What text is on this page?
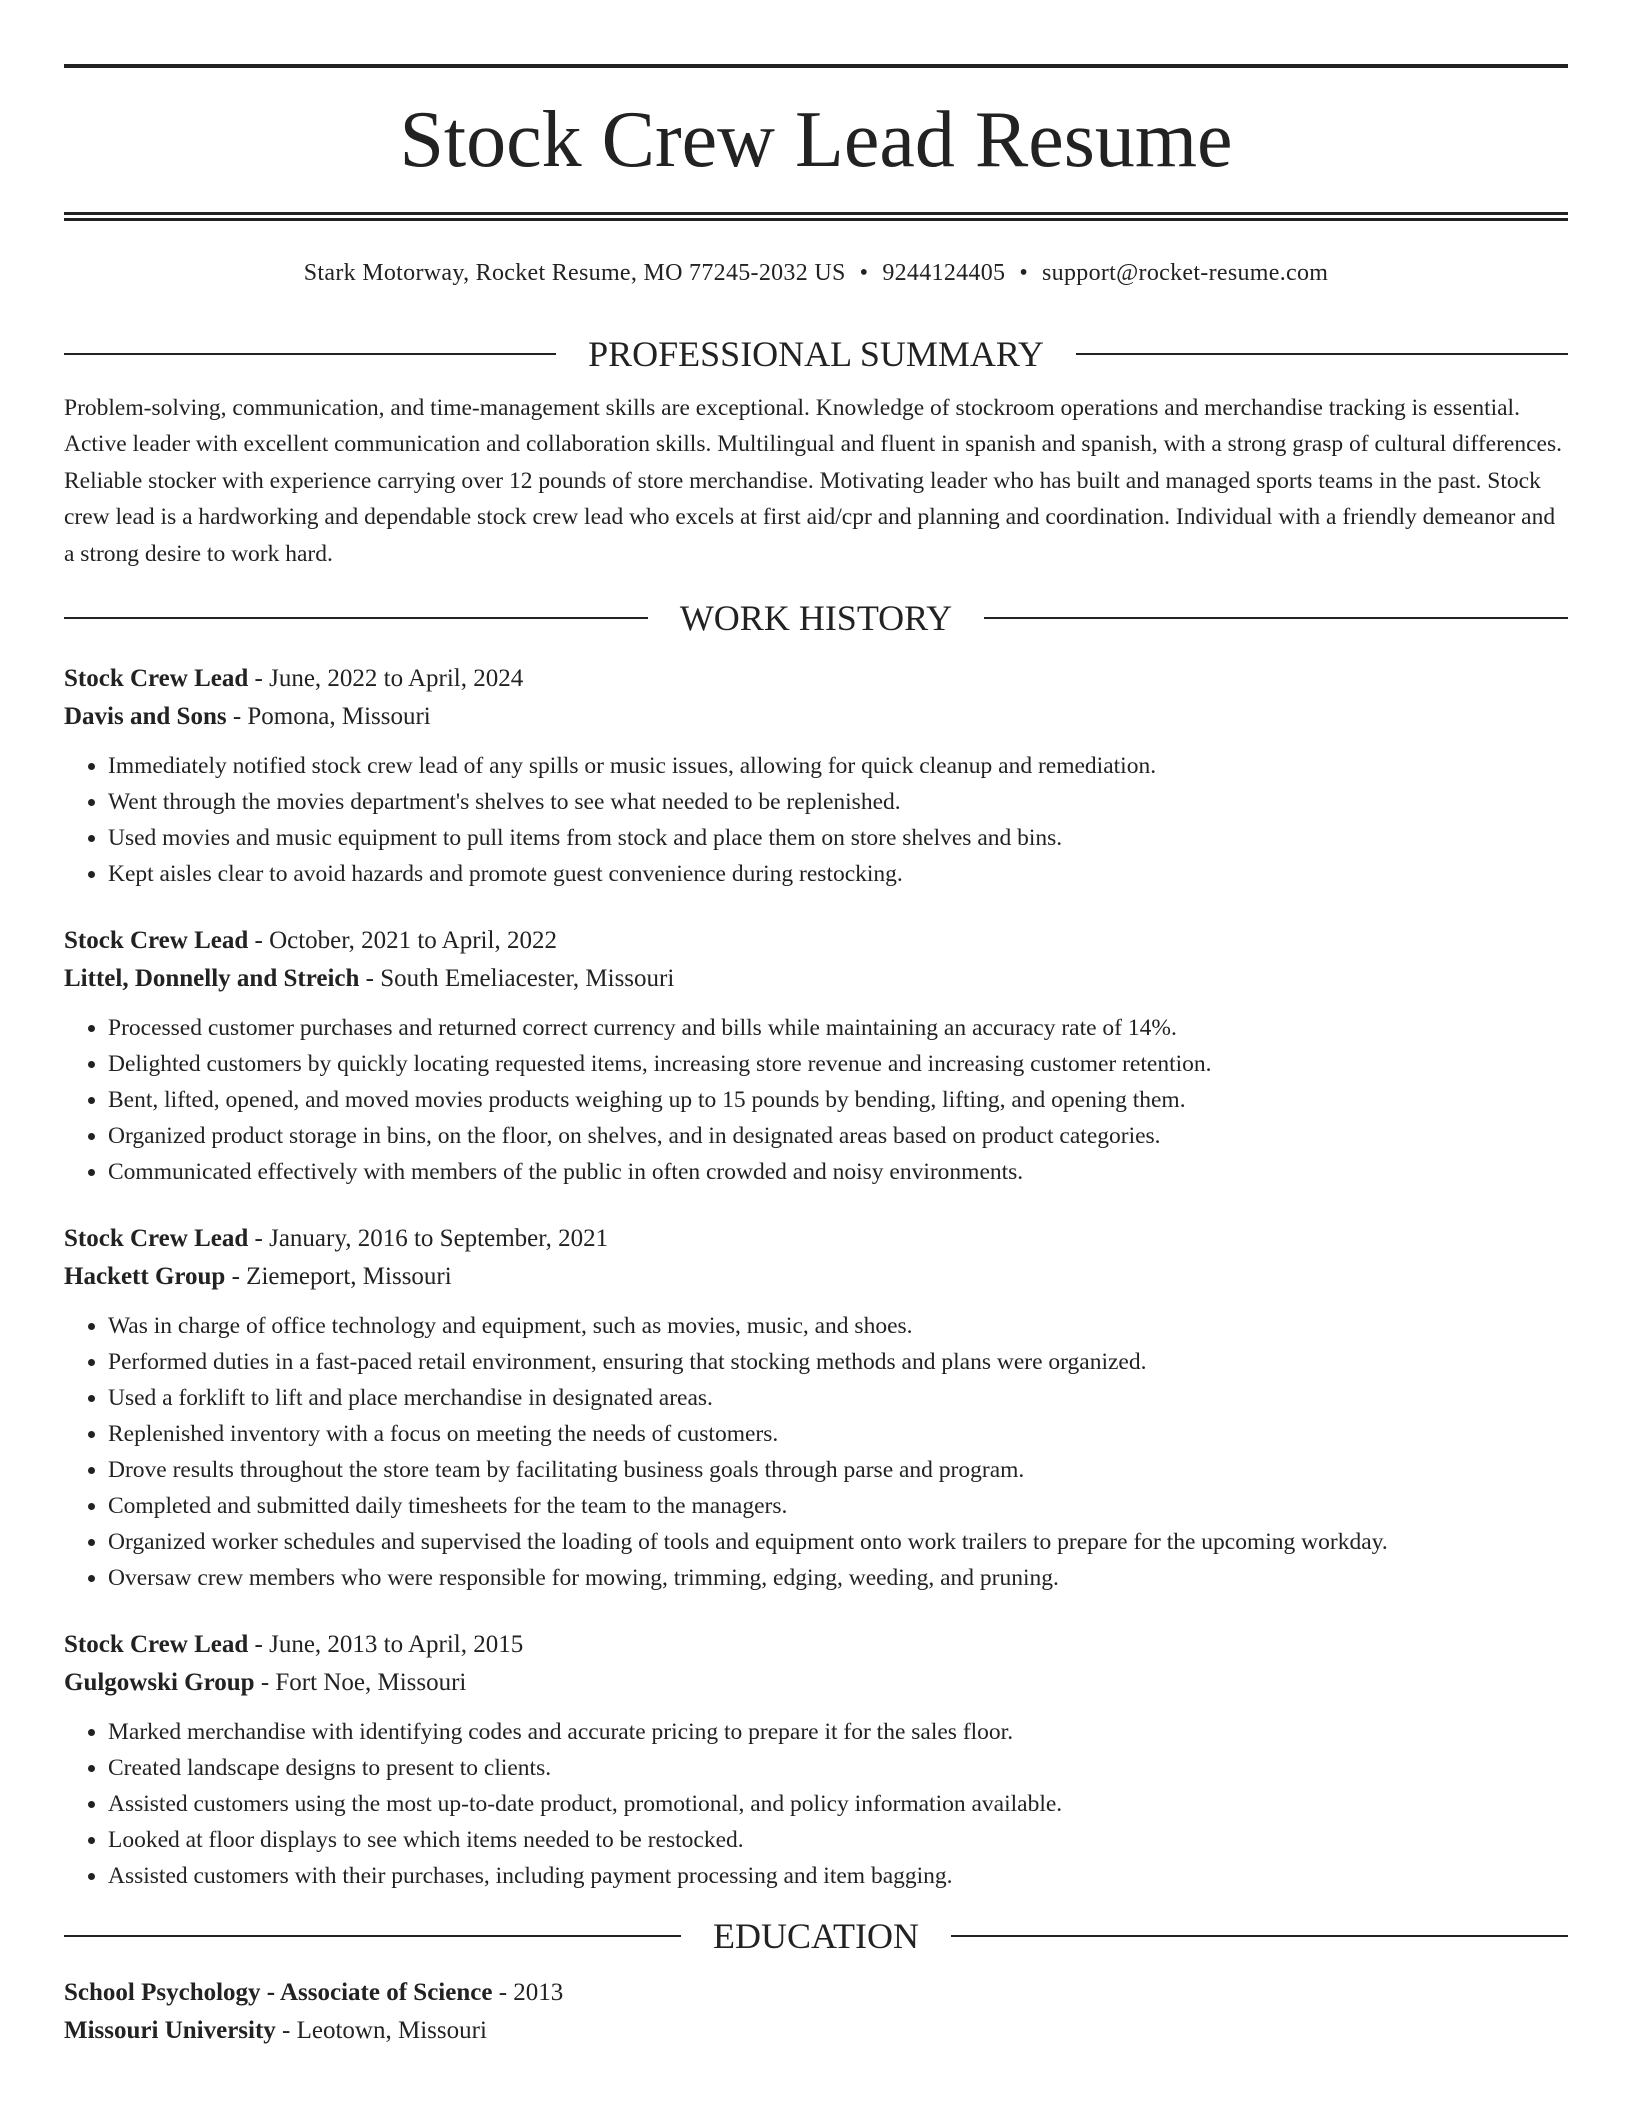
Stock Crew Lead Resume
Stark Motorway, Rocket Resume, MO 77245-2032 US • 9244124405 • support@rocket-resume.com
PROFESSIONAL SUMMARY

Problem-solving, communication, and time-management skills are exceptional. Knowledge of stockroom operations and merchandise tracking is essential. Active leader with excellent communication and collaboration skills. Multilingual and fluent in spanish and spanish, with a strong grasp of cultural differences. Reliable stocker with experience carrying over 12 pounds of store merchandise. Motivating leader who has built and managed sports teams in the past. Stock crew lead is a hardworking and dependable stock crew lead who excels at first aid/cpr and planning and coordination. Individual with a friendly demeanor and a strong desire to work hard.

WORK HISTORY
Stock Crew Lead - June, 2022 to April, 2024
Davis and Sons - Pomona, Missouri
• Immediately notified stock crew lead of any spills or music issues, allowing for quick cleanup and remediation.
• Went through the movies department's shelves to see what needed to be replenished.
• Used movies and music equipment to pull items from stock and place them on store shelves and bins.
• Kept aisles clear to avoid hazards and promote guest convenience during restocking.
Stock Crew Lead - October, 2021 to April, 2022
Littel, Donnelly and Streich - South Emeliacester, Missouri
• Processed customer purchases and returned correct currency and bills while maintaining an accuracy rate of 14%.
• Delighted customers by quickly locating requested items, increasing store revenue and increasing customer retention.
• Bent, lifted, opened, and moved movies products weighing up to 15 pounds by bending, lifting, and opening them.
• Organized product storage in bins, on the floor, on shelves, and in designated areas based on product categories.
• Communicated effectively with members of the public in often crowded and noisy environments.
Stock Crew Lead - January, 2016 to September, 2021
Hackett Group - Ziemeport, Missouri
• Was in charge of office technology and equipment, such as movies, music, and shoes.
• Performed duties in a fast-paced retail environment, ensuring that stocking methods and plans were organized.
• Used a forklift to lift and place merchandise in designated areas.
• Replenished inventory with a focus on meeting the needs of customers.
• Drove results throughout the store team by facilitating business goals through parse and program.
• Completed and submitted daily timesheets for the team to the managers.
• Organized worker schedules and supervised the loading of tools and equipment onto work trailers to prepare for the upcoming workday.
• Oversaw crew members who were responsible for mowing, trimming, edging, weeding, and pruning.
Stock Crew Lead - June, 2013 to April, 2015
Gulgowski Group - Fort Noe, Missouri
• Marked merchandise with identifying codes and accurate pricing to prepare it for the sales floor.
• Created landscape designs to present to clients.
• Assisted customers using the most up-to-date product, promotional, and policy information available.
• Looked at floor displays to see which items needed to be restocked.
• Assisted customers with their purchases, including payment processing and item bagging.
EDUCATION
School Psychology - Associate of Science - 2013
Missouri University - Leotown, Missouri
